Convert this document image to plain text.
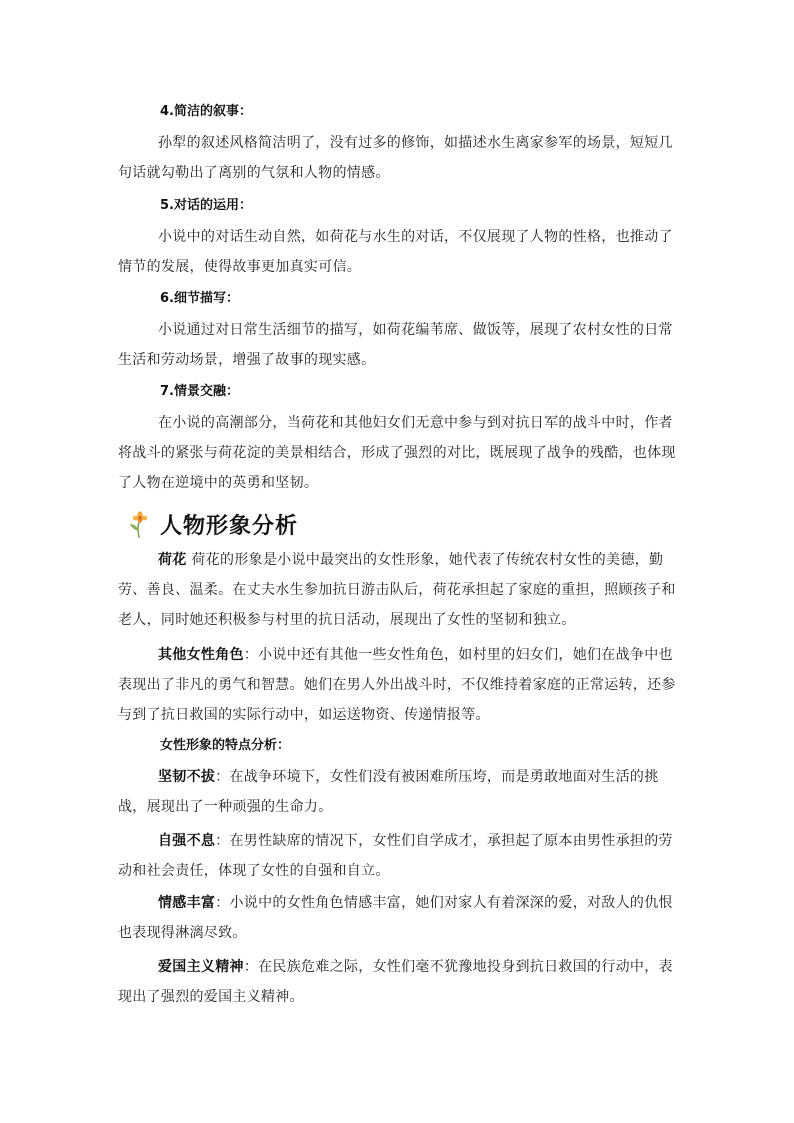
4.简洁的叙事：
孙犁的叙述风格简洁明了，没有过多的修饰，如描述水生离家参军的场景，短短几句话就勾勒出了离别的气氛和人物的情感。
5.对话的运用：
小说中的对话生动自然，如荷花与水生的对话，不仅展现了人物的性格，也推动了情节的发展，使得故事更加真实可信。
6.细节描写：
小说通过对日常生活细节的描写，如荷花编苇席、做饭等，展现了农村女性的日常生活和劳动场景，增强了故事的现实感。
7.情景交融：
在小说的高潮部分，当荷花和其他妇女们无意中参与到对抗日军的战斗中时，作者将战斗的紧张与荷花淀的美景相结合，形成了强烈的对比，既展现了战争的残酷，也体现了人物在逆境中的英勇和坚韧。
人物形象分析
荷花 荷花的形象是小说中最突出的女性形象，她代表了传统农村女性的美德，勤劳、善良、温柔。在丈夫水生参加抗日游击队后，荷花承担起了家庭的重担，照顾孩子和老人，同时她还积极参与村里的抗日活动，展现出了女性的坚韧和独立。
其他女性角色：小说中还有其他一些女性角色，如村里的妇女们，她们在战争中也表现出了非凡的勇气和智慧。她们在男人外出战斗时，不仅维持着家庭的正常运转，还参与到了抗日救国的实际行动中，如运送物资、传递情报等。
女性形象的特点分析：
坚韧不拔：在战争环境下，女性们没有被困难所压垮，而是勇敢地面对生活的挑战，展现出了一种顽强的生命力。
自强不息：在男性缺席的情况下，女性们自学成才，承担起了原本由男性承担的劳动和社会责任，体现了女性的自强和自立。
情感丰富：小说中的女性角色情感丰富，她们对家人有着深深的爱，对敌人的仇恨也表现得淋漓尽致。
爱国主义精神：在民族危难之际，女性们毫不犹豫地投身到抗日救国的行动中，表现出了强烈的爱国主义精神。
